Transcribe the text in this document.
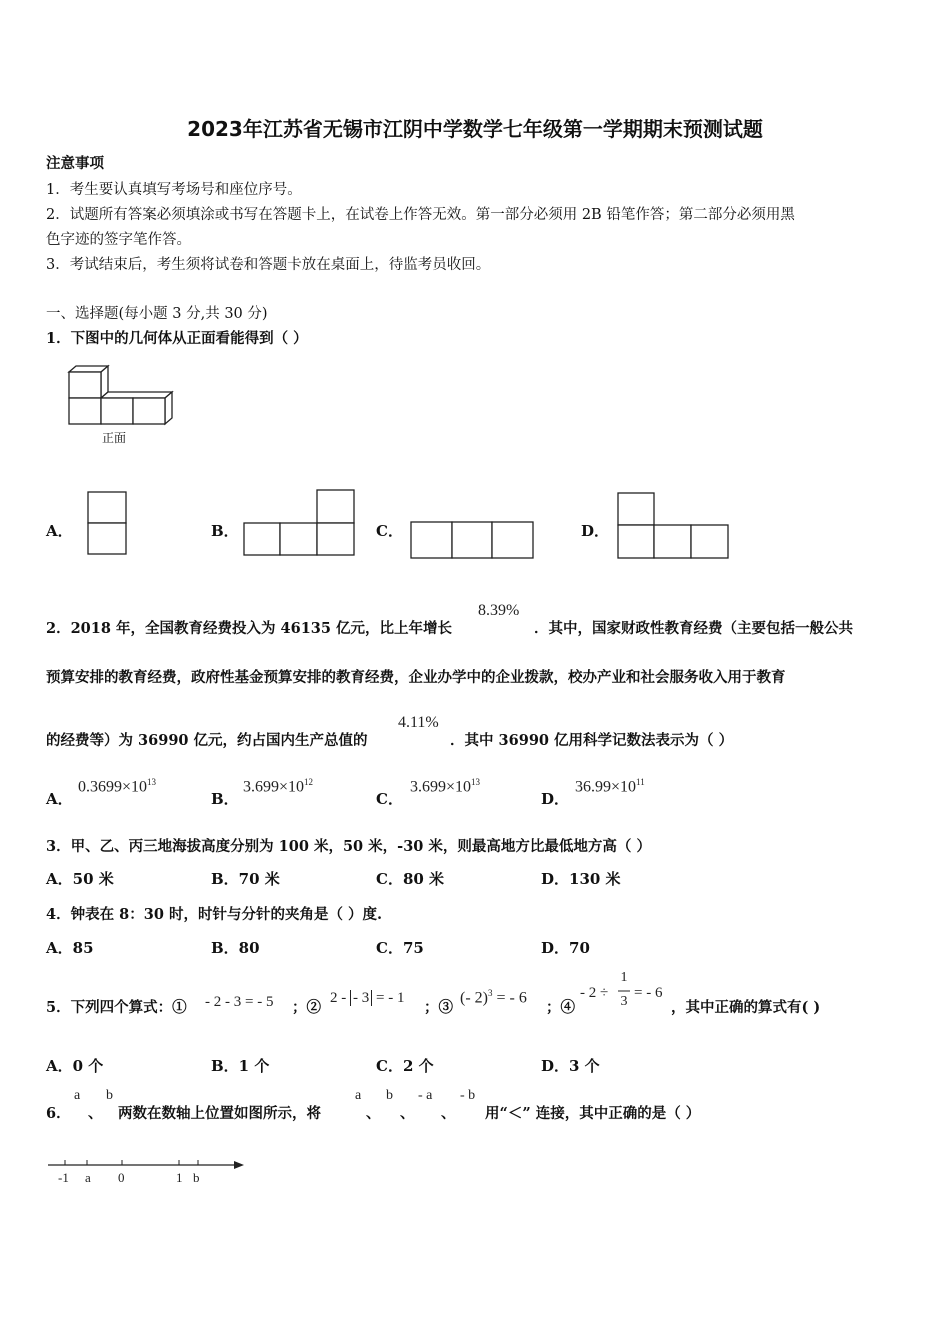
2023年江苏省无锡市江阴中学数学七年级第一学期期末预测试题
注意事项
1．考生要认真填写考场号和座位序号。
2．试题所有答案必须填涂或书写在答题卡上，在试卷上作答无效。第一部分必须用 2B 铅笔作答；第二部分必须用黑
色字迹的签字笔作答。
3．考试结束后，考生须将试卷和答题卡放在桌面上，待监考员收回。
一、选择题(每小题 3 分,共 30 分)
1．下图中的几何体从正面看能得到（ ）
正面
A．	B．	C．	D．
2．2018 年，全国教育经费投入为 46135 亿元，比上年增长
8.39%
．其中，国家财政性教育经费（主要包括一般公共
预算安排的教育经费，政府性基金预算安排的教育经费，企业办学中的企业拨款，校办产业和社会服务收入用于教育
的经费等）为 36990 亿元，约占国内生产总值的
4.11%
．其中 36990 亿用科学记数法表示为（ ）
A．
$0.3699\times 10^{13}$
B．
$3.699\times 10^{12}$
C．
$3.699\times 10^{13}$
D．
$36.99\times 10^{11}$
3．甲、乙、丙三地海拔高度分别为 100 米，50 米，-30 米，则最高地方比最低地方高（ ）
A．50 米	B．70 米	C．80 米	D．130 米
4．钟表在 8：30 时，时针与分针的夹角是（ ）度.
A．85	B．80	C．75	D．70
5．下列四个算式：① - 2 - 3 = - 5 ；②
2 - - 3 = - 1
；③
(- 2)$^3$ = - 6
；④
- 2 ÷
1
3
= - 6
，其中正确的算式有( )
A．0 个	B．1 个	C．2 个	D．3 个
6．
a
、
b
两数在数轴上位置如图所示，将
a
、
b
、
- a
、
- b
用“＜” 连接，其中正确的是（ ）
-1 a 0	1 b
